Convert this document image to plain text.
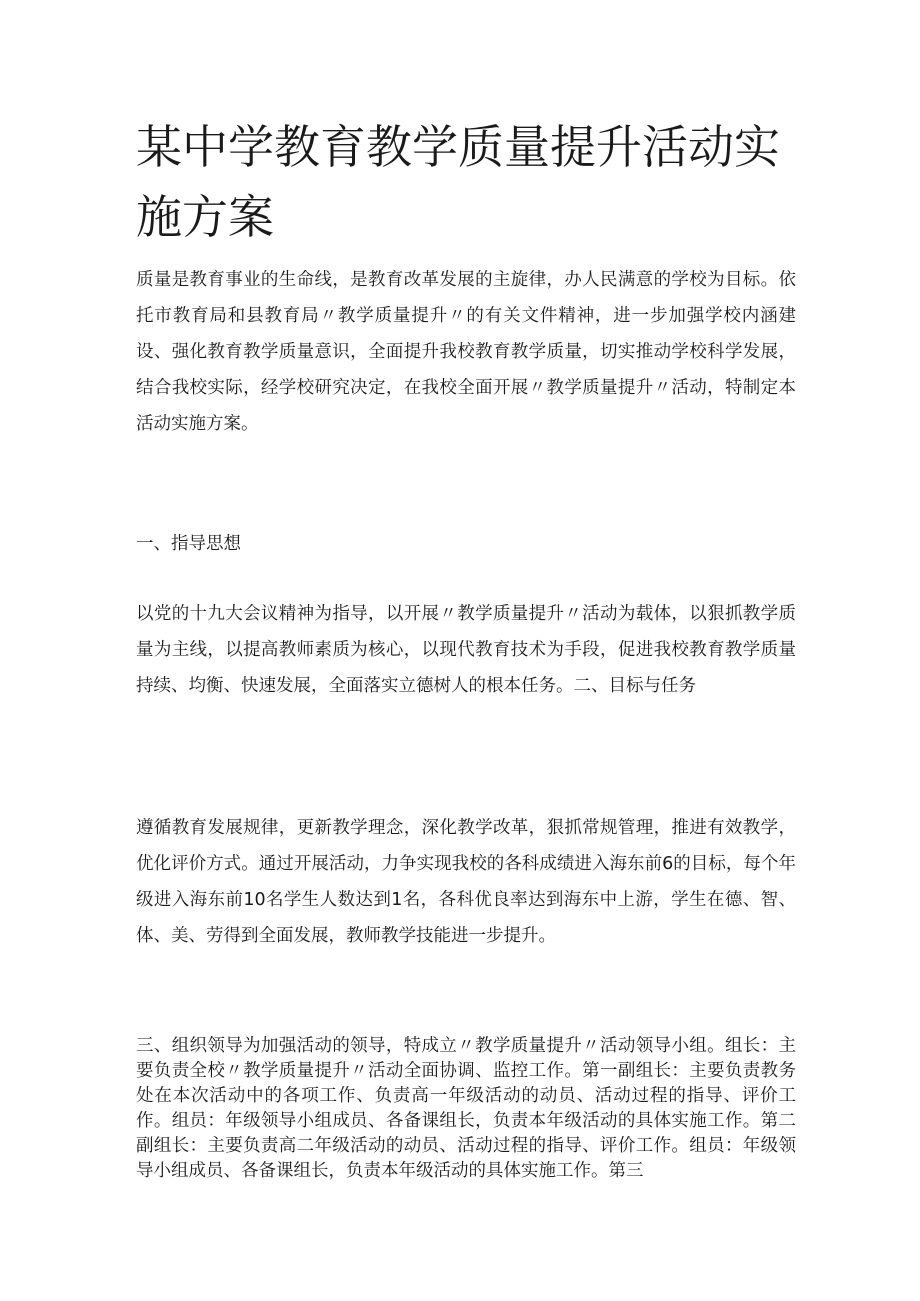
某中学教育教学质量提升活动实施方案

质量是教育事业的生命线，是教育改革发展的主旋律，办人民满意的学校为目标。依托市教育局和县教育局〃教学质量提升〃的有关文件精神，进一步加强学校内涵建设、强化教育教学质量意识，全面提升我校教育教学质量，切实推动学校科学发展，结合我校实际，经学校研究决定，在我校全面开展〃教学质量提升〃活动，特制定本活动实施方案。

一、指导思想

以党的十九大会议精神为指导，以开展〃教学质量提升〃活动为载体，以狠抓教学质量为主线，以提高教师素质为核心，以现代教育技术为手段，促进我校教育教学质量持续、均衡、快速发展，全面落实立德树人的根本任务。二、目标与任务

遵循教育发展规律，更新教学理念，深化教学改革，狠抓常规管理，推进有效教学，优化评价方式。通过开展活动，力争实现我校的各科成绩进入海东前6的目标，每个年级进入海东前10名学生人数达到1名，各科优良率达到海东中上游，学生在德、智、体、美、劳得到全面发展，教师教学技能进一步提升。

三、组织领导为加强活动的领导，特成立〃教学质量提升〃活动领导小组。组长：主要负责全校〃教学质量提升〃活动全面协调、监控工作。第一副组长：主要负责教务处在本次活动中的各项工作、负责高一年级活动的动员、活动过程的指导、评价工作。组员：年级领导小组成员、各备课组长，负责本年级活动的具体实施工作。第二副组长：主要负责高二年级活动的动员、活动过程的指导、评价工作。组员：年级领导小组成员、各备课组长，负责本年级活动的具体实施工作。第三
